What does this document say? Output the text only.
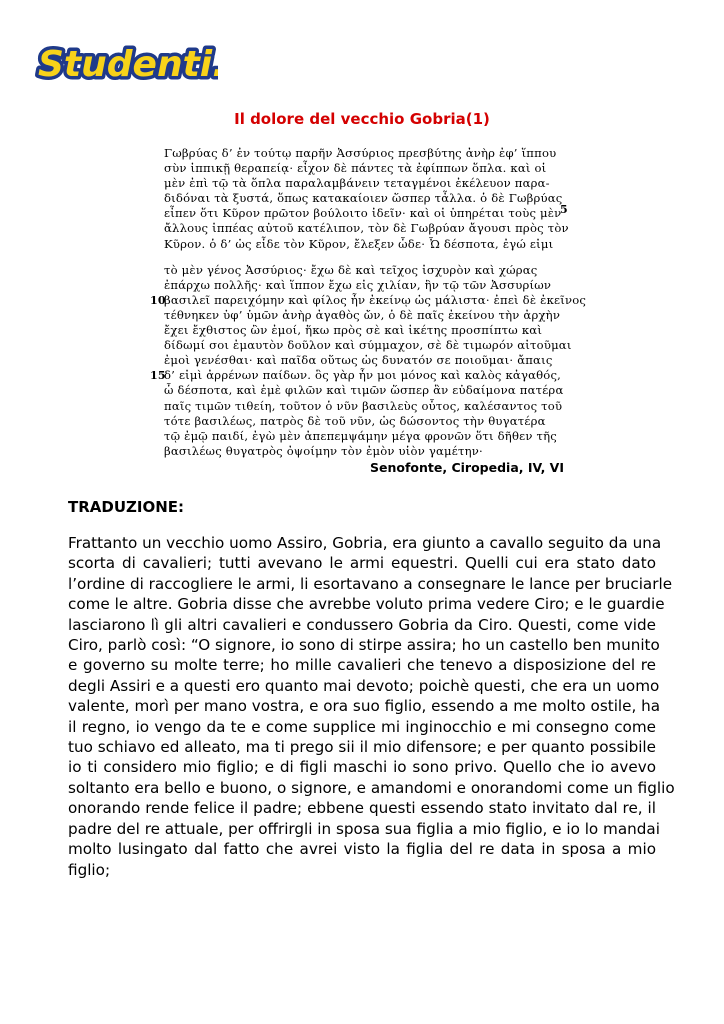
Studenti
Studenti
Il dolore del vecchio Gobria(1)
Γωβρύας δ’ ἐν τούτῳ παρῆν Ἀσσύριος πρεσβύτης ἀνὴρ ἐφ’ ἵππου
σὺν ἱππικῇ θεραπείᾳ· εἶχον δὲ πάντες τὰ ἐφίππων ὅπλα. καὶ οἱ
μὲν ἐπὶ τῷ τὰ ὅπλα παραλαμβάνειν τεταγμένοι ἐκέλευον παρα-
διδόναι τὰ ξυστά, ὅπως κατακαίοιεν ὥσπερ τἆλλα. ὁ δὲ Γωβρύας
εἶπεν ὅτι Κῦρον πρῶτον βούλοιτο ἰδεῖν· καὶ οἱ ὑπηρέται τοὺς μὲν
5
ἄλλους ἱππέας αὐτοῦ κατέλιπον, τὸν δὲ Γωβρύαν ἄγουσι πρὸς τὸν
Κῦρον. ὁ δ’ ὡς εἶδε τὸν Κῦρον, ἔλεξεν ὧδε· Ὦ δέσποτα, ἐγώ εἰμι
τὸ μὲν γένος Ἀσσύριος· ἔχω δὲ καὶ τεῖχος ἰσχυρὸν καὶ χώρας
ἐπάρχω πολλῆς· καὶ ἵππον ἔχω εἰς χιλίαν, ἣν τῷ τῶν Ἀσσυρίων
10
βασιλεῖ παρειχόμην καὶ φίλος ἦν ἐκείνῳ ὡς μάλιστα· ἐπεὶ δὲ ἐκεῖνος
τέθνηκεν ὑφ’ ὑμῶν ἀνὴρ ἀγαθὸς ὤν, ὁ δὲ παῖς ἐκείνου τὴν ἀρχὴν
ἔχει ἔχθιστος ὢν ἐμοί, ἥκω πρὸς σὲ καὶ ἱκέτης προσπίπτω καὶ
δίδωμί σοι ἐμαυτὸν δοῦλον καὶ σύμμαχον, σὲ δὲ τιμωρόν αἰτοῦμαι
ἐμοὶ γενέσθαι· καὶ παῖδα οὕτως ὡς δυνατόν σε ποιοῦμαι· ἄπαις
15
δ’ εἰμὶ ἀρρένων παίδων. ὃς γὰρ ἦν μοι μόνος καὶ καλὸς κἀγαθός,
ὦ δέσποτα, καὶ ἐμὲ φιλῶν καὶ τιμῶν ὥσπερ ἂν εὐδαίμονα πατέρα
παῖς τιμῶν τιθείη, τοῦτον ὁ νῦν βασιλεὺς οὗτος, καλέσαντος τοῦ
τότε βασιλέως, πατρὸς δὲ τοῦ νῦν, ὡς δώσοντος τὴν θυγατέρα
τῷ ἐμῷ παιδί, ἐγὼ μὲν ἀπεπεμψάμην μέγα φρονῶν ὅτι δῆθεν τῆς
βασιλέως θυγατρὸς ὀψοίμην τὸν ἐμὸν υἱὸν γαμέτην·
Senofonte, Ciropedia, IV, VI
TRADUZIONE:
Frattanto un vecchio uomo Assiro, Gobria, era giunto a cavallo seguito da una
scorta di cavalieri; tutti avevano le armi equestri. Quelli cui era stato dato
l’ordine di raccogliere le armi, li esortavano a consegnare le lance per bruciarle
come le altre. Gobria disse che avrebbe voluto prima vedere Ciro; e le guardie
lasciarono lì gli altri cavalieri e condussero Gobria da Ciro. Questi, come vide
Ciro, parlò così: “O signore, io sono di stirpe assira; ho un castello ben munito
e governo su molte terre; ho mille cavalieri che tenevo a disposizione del re
degli Assiri e a questi ero quanto mai devoto; poichè questi, che era un uomo
valente, morì per mano vostra, e ora suo figlio, essendo a me molto ostile, ha
il regno, io vengo da te e come supplice mi inginocchio e mi consegno come
tuo schiavo ed alleato, ma ti prego sii il mio difensore; e per quanto possibile
io ti considero mio figlio; e di figli maschi io sono privo. Quello che io avevo
soltanto era bello e buono, o signore, e amandomi e onorandomi come un figlio
onorando rende felice il padre; ebbene questi essendo stato invitato dal re, il
padre del re attuale, per offrirgli in sposa sua figlia a mio figlio, e io lo mandai
molto lusingato dal fatto che avrei visto la figlia del re data in sposa a mio
figlio;
